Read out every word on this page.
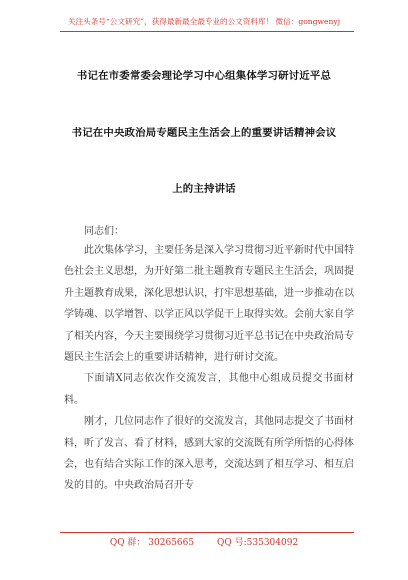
关注头条号“公文研究”，获得最新最全最专业的公文资料库！ 微信：gongwenyj
书记在市委常委会理论学习中心组集体学习研讨近平总
书记在中央政治局专题民主生活会上的重要讲话精神会议
上的主持讲话
同志们：

此次集体学习，主要任务是深入学习贯彻习近平新时代中国特色社会主义思想，为开好第二批主题教育专题民主生活会，巩固提升主题教育成果，深化思想认识，打牢思想基础，进一步推动在以学铸魂、以学增智、以学正风以学促干上取得实效。会前大家自学了相关内容，今天主要围绕学习贯彻习近平总书记在中央政治局专题民主生活会上的重要讲话精神，进行研讨交流。

下面请X同志依次作交流发言，其他中心组成员提交书面材料。

刚才，几位同志作了很好的交流发言，其他同志提交了书面材料，听了发言、看了材料，感到大家的交流既有所学所悟的心得体会，也有结合实际工作的深入思考，交流达到了相互学习、相互启发的目的。中央政治局召开专

QQ 群： 30265665	QQ 号:535304092
